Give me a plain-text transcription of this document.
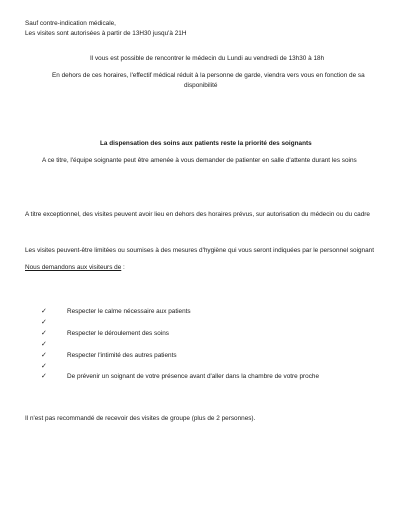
Sauf contre-indication médicale,
Les visites sont autorisées à partir de 13H30 jusqu'à 21H
Il vous est possible de rencontrer le médecin du Lundi au vendredi de 13h30 à 18h
En dehors de ces horaires, l'effectif médical réduit à la personne de garde, viendra vers vous en fonction de sa
disponibilité
La dispensation des soins aux patients reste la priorité des soignants
A ce titre, l'équipe soignante peut être amenée à vous demander de patienter en salle d'attente durant les soins
A titre exceptionnel, des visites peuvent avoir lieu en dehors des horaires prévus, sur autorisation du médecin ou du cadre
Les visites peuvent-être limitées ou soumises à des mesures d'hygiène qui vous seront indiquées par le personnel soignant
Nous demandons aux visiteurs de :
✓	Respecter le calme nécessaire aux patients
✓
✓	Respecter le déroulement des soins
✓
✓	Respecter l'intimité des autres patients
✓
✓	De prévenir un soignant de votre présence avant d'aller dans la chambre de votre proche
Il n'est pas recommandé de recevoir des visites de groupe (plus de 2 personnes).
